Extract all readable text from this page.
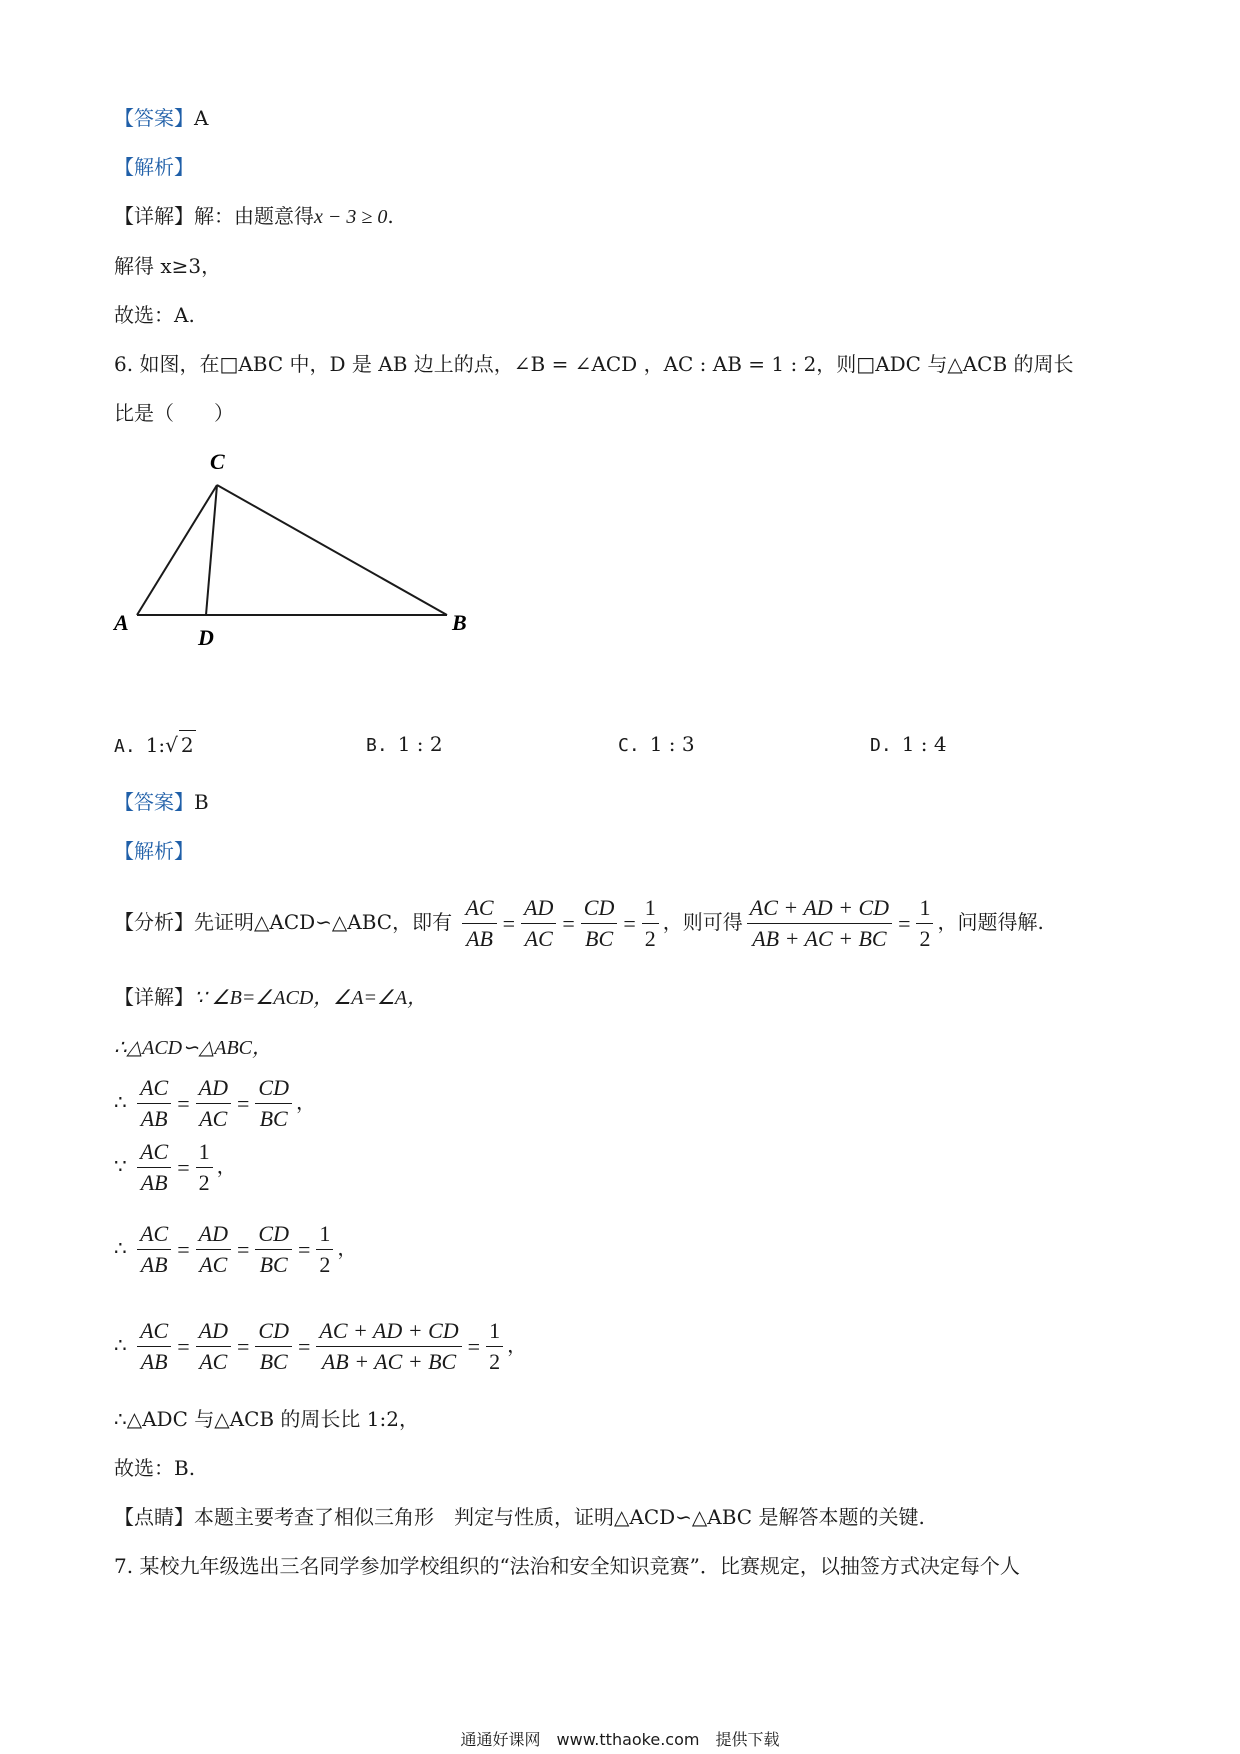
【答案】A
【解析】
【详解】解：由题意得x − 3 ≥ 0.
解得 x≥3，
故选：A.
6. 如图，在□ABC 中，D 是 AB 边上的点，∠B = ∠ACD ，AC : AB = 1 : 2，则□ADC 与△ACB 的周长
比是（　　）
C
A
D
B
A. 1:√ 2	B. 1 : 2	C. 1 : 3	D. 1 : 4
【答案】B
【解析】
【分析】先证明△ACD∽△ABC，即有 $\frac{AC}{AB} = \frac{AD}{AC} = \frac{CD}{BC} = \frac{1}{2}$ ，则可得 $\frac{AC + AD + CD}{AB + AC + BC} = \frac{1}{2}$ ，问题得解.
【详解】∵ ∠B=∠ACD，∠A=∠A，
∴△ACD∽△ABC，
∴ $\frac{AC}{AB} = \frac{AD}{AC} = \frac{CD}{BC}$ ，
∵ $\frac{AC}{AB} = \frac{1}{2}$ ，
∴ $\frac{AC}{AB} = \frac{AD}{AC} = \frac{CD}{BC} = \frac{1}{2}$ ，
∴ $\frac{AC}{AB} = \frac{AD}{AC} = \frac{CD}{BC} = \frac{AC + AD + CD}{AB + AC + BC} = \frac{1}{2}$ ，
∴△ADC 与△ACB 的周长比 1:2，
故选：B.
【点睛】本题主要考查了相似三角形　判定与性质，证明△ACD∽△ABC 是解答本题的关键.
7. 某校九年级选出三名同学参加学校组织的“法治和安全知识竞赛”．比赛规定，以抽签方式决定每个人
通通好课网　www.tthaoke.com　提供下载
